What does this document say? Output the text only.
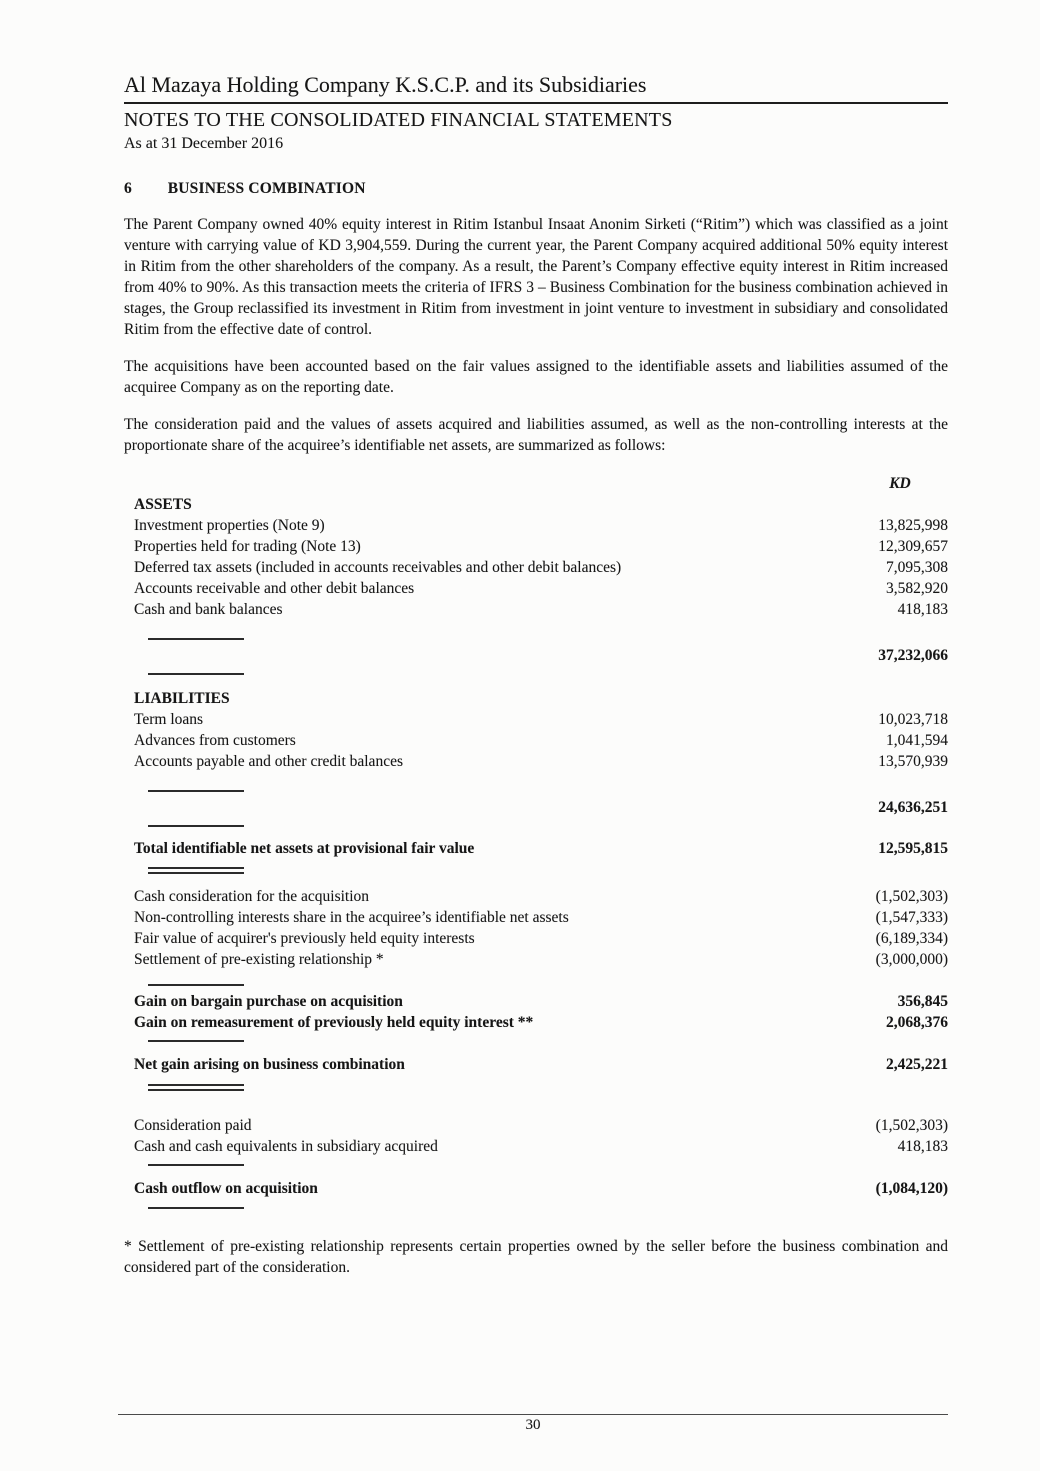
Al Mazaya Holding Company K.S.C.P. and its Subsidiaries
NOTES TO THE CONSOLIDATED FINANCIAL STATEMENTS
As at 31 December 2016
6 BUSINESS COMBINATION

The Parent Company owned 40% equity interest in Ritim Istanbul Insaat Anonim Sirketi (“Ritim”) which was classified as a joint venture with carrying value of KD 3,904,559. During the current year, the Parent Company acquired additional 50% equity interest in Ritim from the other shareholders of the company. As a result, the Parent’s Company effective equity interest in Ritim increased from 40% to 90%. As this transaction meets the criteria of IFRS 3 – Business Combination for the business combination achieved in stages, the Group reclassified its investment in Ritim from investment in joint venture to investment in subsidiary and consolidated Ritim from the effective date of control.

The acquisitions have been accounted based on the fair values assigned to the identifiable assets and liabilities assumed of the acquiree Company as on the reporting date.

The consideration paid and the values of assets acquired and liabilities assumed, as well as the non-controlling interests at the proportionate share of the acquiree’s identifiable net assets, are summarized as follows:

KD
ASSETS
Investment properties (Note 9)	13,825,998
Properties held for trading (Note 13)	12,309,657
Deferred tax assets (included in accounts receivables and other debit balances)	7,095,308
Accounts receivable and other debit balances	3,582,920
Cash and bank balances	418,183
37,232,066
LIABILITIES
Term loans	10,023,718
Advances from customers	1,041,594
Accounts payable and other credit balances	13,570,939
24,636,251
Total identifiable net assets at provisional fair value	12,595,815
Cash consideration for the acquisition	(1,502,303)
Non-controlling interests share in the acquiree’s identifiable net assets	(1,547,333)
Fair value of acquirer's previously held equity interests	(6,189,334)
Settlement of pre-existing relationship *	(3,000,000)
Gain on bargain purchase on acquisition	356,845
Gain on remeasurement of previously held equity interest **	2,068,376
Net gain arising on business combination	2,425,221
Consideration paid	(1,502,303)
Cash and cash equivalents in subsidiary acquired	418,183
Cash outflow on acquisition	(1,084,120)

* Settlement of pre-existing relationship represents certain properties owned by the seller before the business combination and considered part of the consideration.

30
